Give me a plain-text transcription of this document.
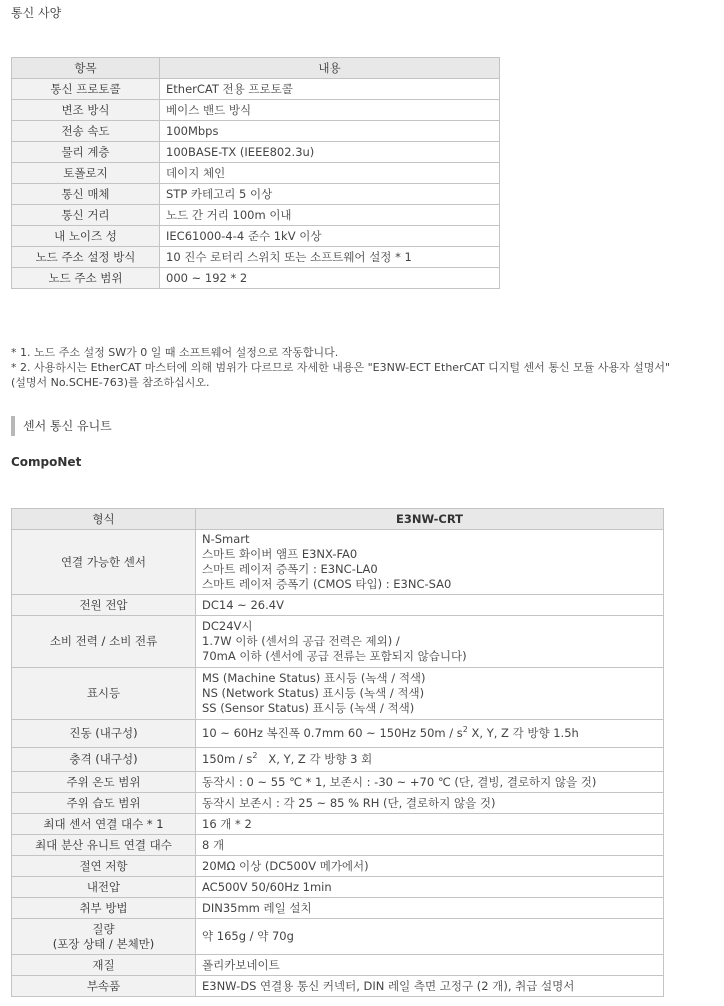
통신 사양
항목	내용
통신 프로토콜	EtherCAT 전용 프로토콜
변조 방식	베이스 밴드 방식
전송 속도	100Mbps
물리 계층	100BASE-TX (IEEE802.3u)
토폴로지	데이지 체인
통신 매체	STP 카테고리 5 이상
통신 거리	노드 간 거리 100m 이내
내 노이즈 성	IEC61000-4-4 준수 1kV 이상
노드 주소 설정 방식	10 진수 로터리 스위치 또는 소프트웨어 설정 * 1
노드 주소 범위	000 ~ 192 * 2

* 1. 노드 주소 설정 SW가 0 일 때 소프트웨어 설정으로 작동합니다.

* 2. 사용하시는 EtherCAT 마스터에 의해 범위가 다르므로 자세한 내용은 "E3NW-ECT EtherCAT 디지털 센서 통신 모듈 사용자 설명서"(설명서 No.SCHE-763)를 참조하십시오.

센서 통신 유니트
CompoNet
형식	E3NW-CRT
연결 가능한 센서	N-Smart
스마트 화이버 앰프 E3NX-FA0
스마트 레이저 증폭기 : E3NC-LA0
스마트 레이저 증폭기 (CMOS 타입) : E3NC-SA0

전원 전압	DC14 ~ 26.4V

소비 전력 / 소비 전류	DC24V시
1.7W 이하 (센서의 공급 전력은 제외) /
70mA 이하 (센서에 공급 전류는 포함되지 않습니다)

표시등	MS (Machine Status) 표시등 (녹색 / 적색)
NS (Network Status) 표시등 (녹색 / 적색)
SS (Sensor Status) 표시등 (녹색 / 적색)

진동 (내구성)	10 ~ 60Hz 복진폭 0.7mm 60 ~ 150Hz $50m / s^2$ X, Y, Z 각 방향 1.5h
충격 (내구성)	$150m / s^2$   X, Y, Z 각 방향 3 회
주위 온도 범위	동작시 : 0 ~ 55 ℃ * 1, 보존시 : -30 ~ +70 ℃ (단, 결빙, 결로하지 않을 것)

주위 습도 범위	동작시 보존시 : 각 25 ~ 85 % RH (단, 결로하지 않을 것)

최대 센서 연결 대수 * 1	16 개 * 2

최대 분산 유니트 연결 대수	8 개

절연 저항	20MΩ 이상 (DC500V 메가에서)

내전압	AC500V 50/60Hz 1min

취부 방법	DIN35mm 레일 설치

질량
(포장 상태 / 본체만)	약 165g / 약 70g

재질	폴리카보네이트

부속품	E3NW-DS 연결용 통신 커넥터, DIN 레일 측면 고정구 (2 개), 취급 설명서
